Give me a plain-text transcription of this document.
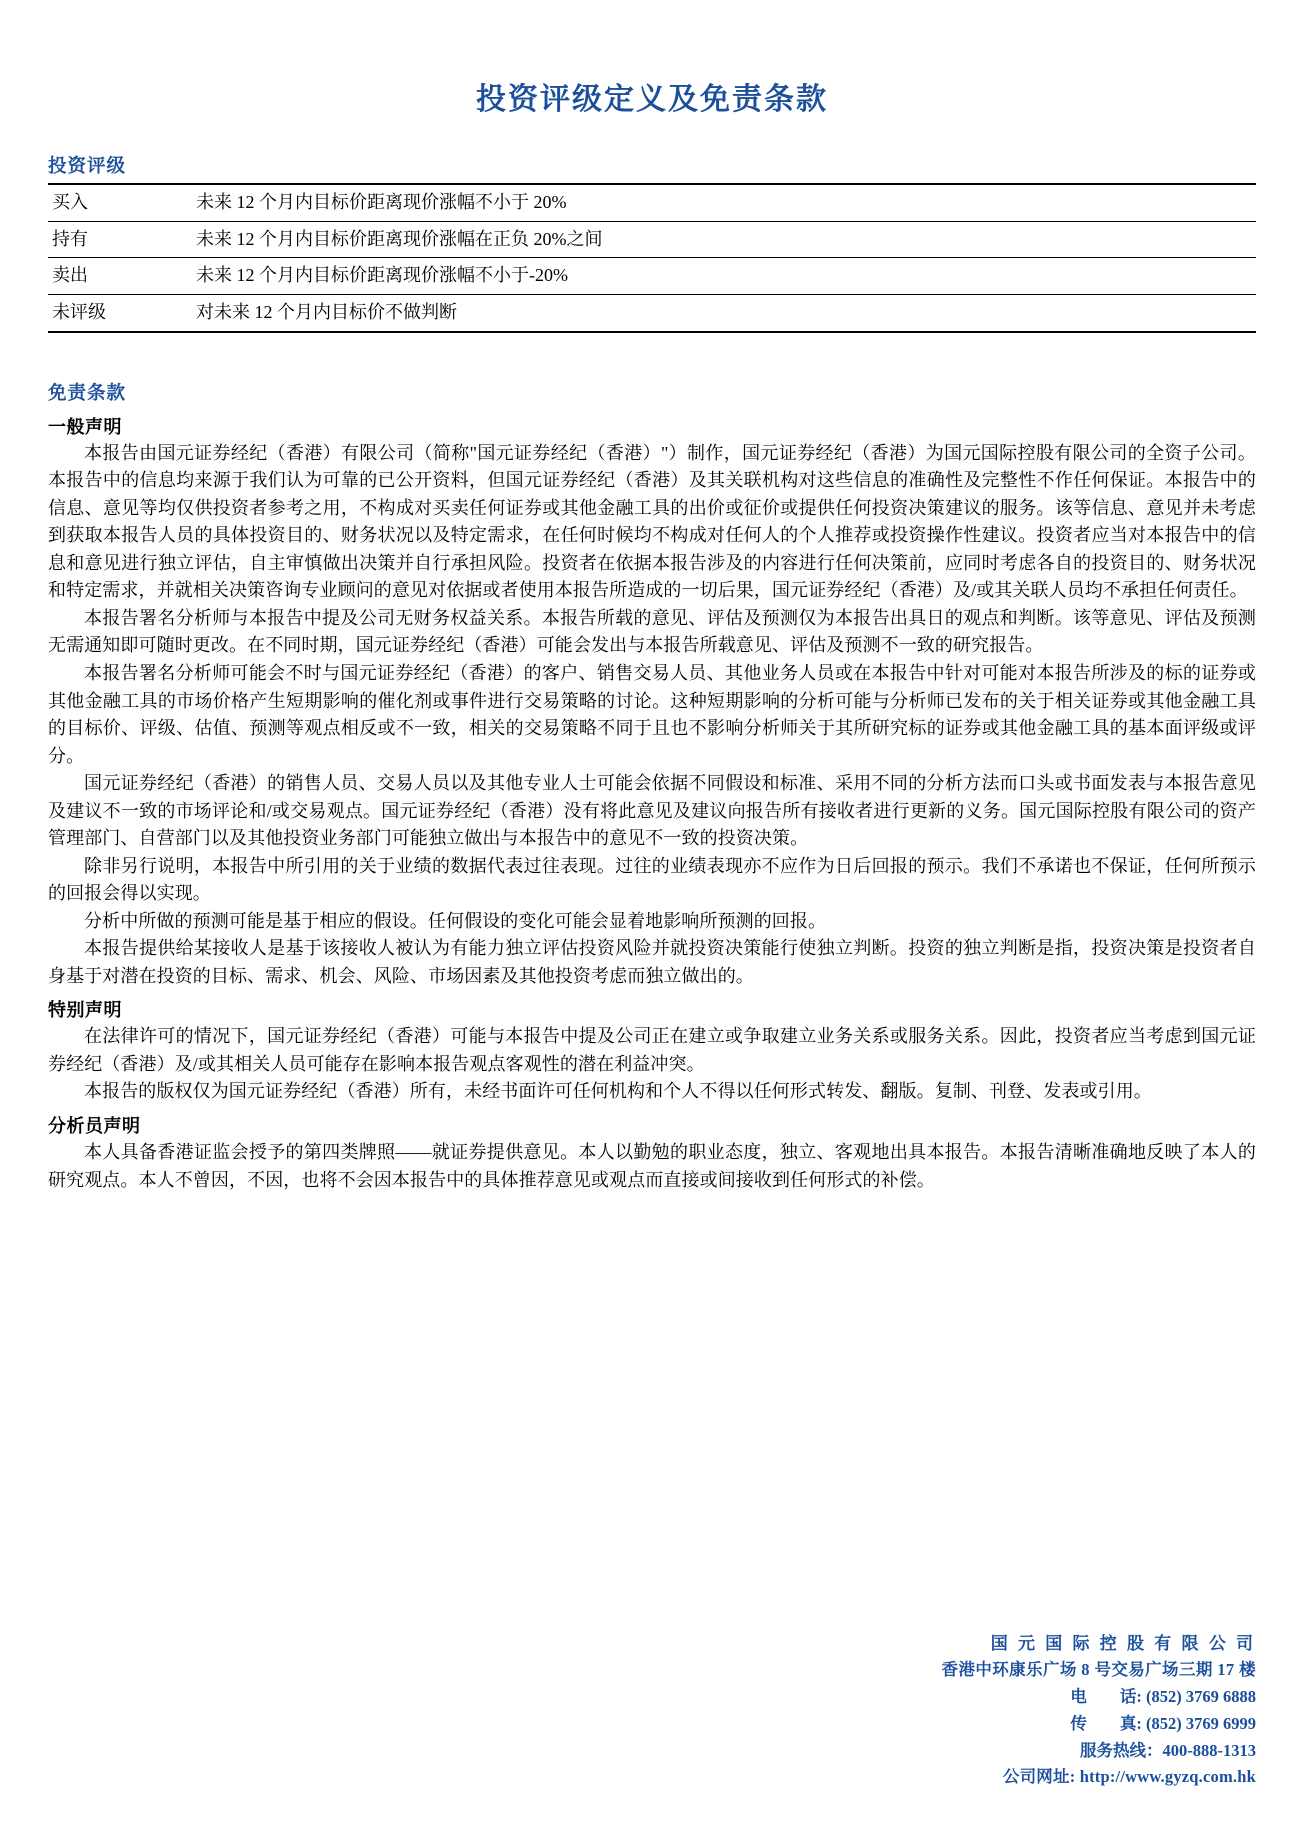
投资评级定义及免责条款
投资评级
买入	未来 12 个月内目标价距离现价涨幅不小于 20%
持有	未来 12 个月内目标价距离现价涨幅在正负 20%之间
卖出	未来 12 个月内目标价距离现价涨幅不小于-20%
未评级	对未来 12 个月内目标价不做判断
免责条款
一般声明

本报告由国元证券经纪（香港）有限公司（简称"国元证券经纪（香港）"）制作，国元证券经纪（香港）为国元国际控股有限公司的全资子公司。本报告中的信息均来源于我们认为可靠的已公开资料，但国元证券经纪（香港）及其关联机构对这些信息的准确性及完整性不作任何保证。本报告中的信息、意见等均仅供投资者参考之用，不构成对买卖任何证券或其他金融工具的出价或征价或提供任何投资决策建议的服务。该等信息、意见并未考虑到获取本报告人员的具体投资目的、财务状况以及特定需求，在任何时候均不构成对任何人的个人推荐或投资操作性建议。投资者应当对本报告中的信息和意见进行独立评估，自主审慎做出决策并自行承担风险。投资者在依据本报告涉及的内容进行任何决策前，应同时考虑各自的投资目的、财务状况和特定需求，并就相关决策咨询专业顾问的意见对依据或者使用本报告所造成的一切后果，国元证券经纪（香港）及/或其关联人员均不承担任何责任。

本报告署名分析师与本报告中提及公司无财务权益关系。本报告所载的意见、评估及预测仅为本报告出具日的观点和判断。该等意见、评估及预测无需通知即可随时更改。在不同时期，国元证券经纪（香港）可能会发出与本报告所载意见、评估及预测不一致的研究报告。

本报告署名分析师可能会不时与国元证券经纪（香港）的客户、销售交易人员、其他业务人员或在本报告中针对可能对本报告所涉及的标的证券或其他金融工具的市场价格产生短期影响的催化剂或事件进行交易策略的讨论。这种短期影响的分析可能与分析师已发布的关于相关证券或其他金融工具的目标价、评级、估值、预测等观点相反或不一致，相关的交易策略不同于且也不影响分析师关于其所研究标的证券或其他金融工具的基本面评级或评分。

国元证券经纪（香港）的销售人员、交易人员以及其他专业人士可能会依据不同假设和标准、采用不同的分析方法而口头或书面发表与本报告意见及建议不一致的市场评论和/或交易观点。国元证券经纪（香港）没有将此意见及建议向报告所有接收者进行更新的义务。国元国际控股有限公司的资产管理部门、自营部门以及其他投资业务部门可能独立做出与本报告中的意见不一致的投资决策。

除非另行说明，本报告中所引用的关于业绩的数据代表过往表现。过往的业绩表现亦不应作为日后回报的预示。我们不承诺也不保证，任何所预示的回报会得以实现。

分析中所做的预测可能是基于相应的假设。任何假设的变化可能会显着地影响所预测的回报。

本报告提供给某接收人是基于该接收人被认为有能力独立评估投资风险并就投资决策能行使独立判断。投资的独立判断是指，投资决策是投资者自身基于对潜在投资的目标、需求、机会、风险、市场因素及其他投资考虑而独立做出的。

特别声明

在法律许可的情况下，国元证券经纪（香港）可能与本报告中提及公司正在建立或争取建立业务关系或服务关系。因此，投资者应当考虑到国元证券经纪（香港）及/或其相关人员可能存在影响本报告观点客观性的潜在利益冲突。

本报告的版权仅为国元证券经纪（香港）所有，未经书面许可任何机构和个人不得以任何形式转发、翻版。复制、刊登、发表或引用。

分析员声明

本人具备香港证监会授予的第四类牌照——就证券提供意见。本人以勤勉的职业态度，独立、客观地出具本报告。本报告清晰准确地反映了本人的研究观点。本人不曾因，不因，也将不会因本报告中的具体推荐意见或观点而直接或间接收到任何形式的补偿。

国 元 国 际 控 股 有 限 公 司
香港中环康乐广场 8 号交易广场三期 17 楼
电        话: (852) 3769 6888
传        真: (852) 3769 6999
服务热线：400-888-1313
公司网址: http://www.gyzq.com.hk
